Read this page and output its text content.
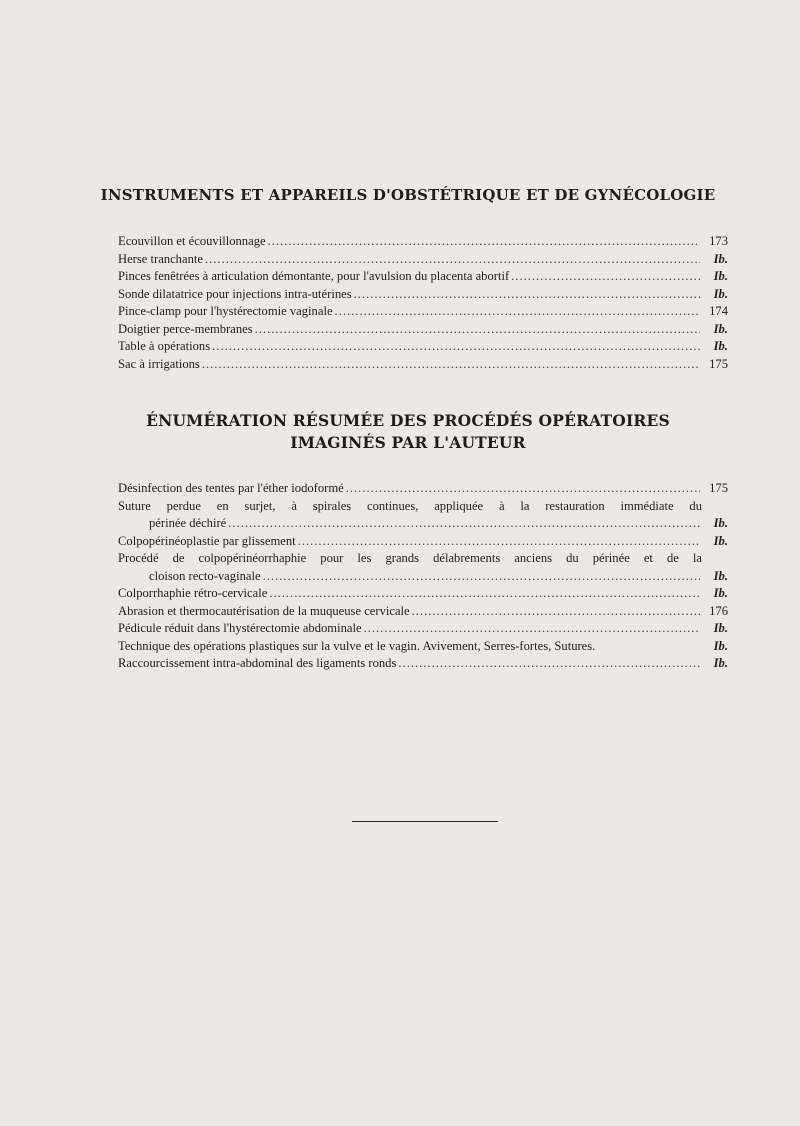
INSTRUMENTS ET APPAREILS D'OBSTÉTRIQUE ET DE GYNÉCOLOGIE
Ecouvillon et écouvillonnage .....	173
Herse tranchante .....	Ib.
Pinces fenêtrées à articulation démontante, pour l'avulsion du placenta abortif .....	Ib.
Sonde dilatatrice pour injections intra-utérines .....	Ib.
Pince-clamp pour l'hystérectomie vaginale .....	174
Doigtier perce-membranes .....	Ib.
Table à opérations .....	Ib.
Sac à irrigations .....	175
ÉNUMÉRATION RÉSUMÉE DES PROCÉDÉS OPÉRATOIRES
IMAGINÉS PAR L'AUTEUR
Désinfection des tentes par l'éther iodoformé .....	175
Suture perdue en surjet, à spirales continues, appliquée à la restauration immédiate du
périnée déchiré .....	Ib.
Colpopérinéoplastie par glissement .....	Ib.
Procédé de colpopérinéorrhaphie pour les grands délabrements anciens du périnée et de la
cloison recto-vaginale .....	Ib.
Colporrhaphie rétro-cervicale .....	Ib.
Abrasion et thermocautérisation de la muqueuse cervicale .....	176
Pédicule réduit dans l'hystérectomie abdominale .....	Ib.
Technique des opérations plastiques sur la vulve et le vagin. Avivement, Serres-fortes, Sutures.	Ib.
Raccourcissement intra-abdominal des ligaments ronds .....	Ib.
